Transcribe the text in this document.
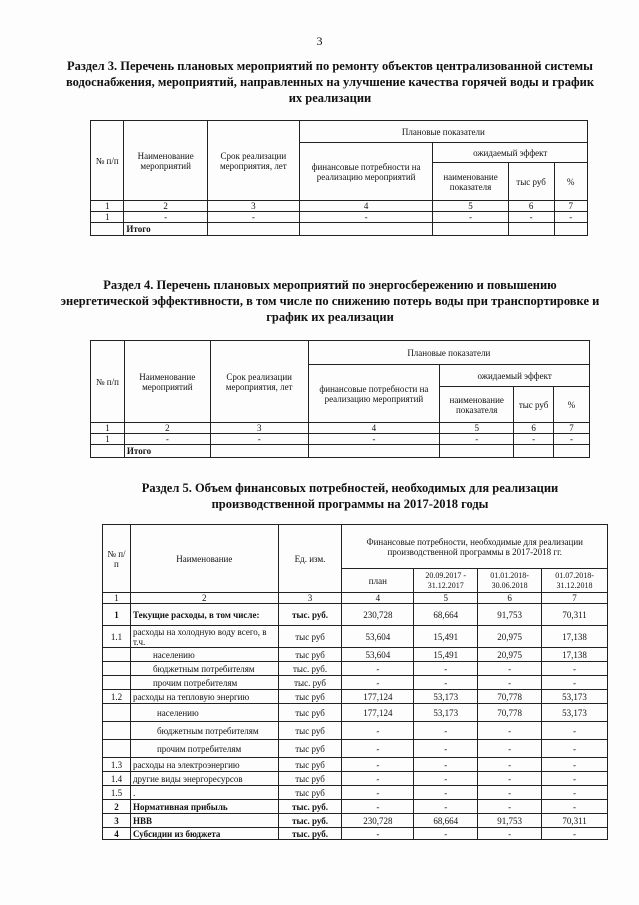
3
Раздел 3. Перечень плановых мероприятий по ремонту объектов централизованной системы водоснабжения, мероприятий, направленных на улучшение качества горячей воды и график их реализации
№ п/п	Наименование мероприятий	Срок реализации мероприятия, лет	Плановые показатели			
			финансовые потребности на реализацию мероприятий	ожидаемый эффект		
				наименование показателя	тыс руб	%
1	2	3	4	5	6	7
1	-	-	-	-	-	-
	Итого					
Раздел 4. Перечень плановых мероприятий по энергосбережению и повышению энергетической эффективности, в том числе по снижению потерь воды при транспортировке и график их реализации
№ п/п	Наименование мероприятий	Срок реализации мероприятия, лет	Плановые показатели			
			финансовые потребности на реализацию мероприятий	ожидаемый эффект		
				наименование показателя	тыс руб	%
1	2	3	4	5	6	7
1	-	-	-	-	-	-
	Итого					
Раздел 5. Объем финансовых потребностей, необходимых для реализации производственной программы на 2017-2018 годы
№ п/п	Наименование	Ед. изм.	Финансовые потребности, необходимые для реализации производственной программы в 2017-2018 гг.			
			план	20.09.2017 - 31.12.2017	01.01.2018-30.06.2018	01.07.2018-31.12.2018
1	2	3	4	5	6	7
1	Текущие расходы, в том числе:	тыс. руб.	230,728	68,664	91,753	70,311
1.1	расходы на холодную воду всего, в т.ч.	тыс руб	53,604	15,491	20,975	17,138
	населению	тыс руб	53,604	15,491	20,975	17,138
	бюджетным потребителям	тыс. руб.	-	-	-	-
	прочим потребителям	тыс. руб	-	-	-	-
1.2	расходы на тепловую энергию	тыс руб	177,124	53,173	70,778	53,173
	населению	тыс руб	177,124	53,173	70,778	53,173
	бюджетным потребителям	тыс руб	-	-	-	-
	прочим потребителям	тыс руб	-	-	-	-
1.3	расходы на электроэнергию	тыс руб	-	-	-	-
1.4	другие виды энергоресурсов	тыс руб	-	-	-	-
1.5	.	тыс руб	-	-	-	-
2	Нормативная прибыль	тыс. руб.	-	-	-	-
3	НВВ	тыс. руб.	230,728	68,664	91,753	70,311
4	Субсидии из бюджета	тыс. руб.	-	-	-	-
